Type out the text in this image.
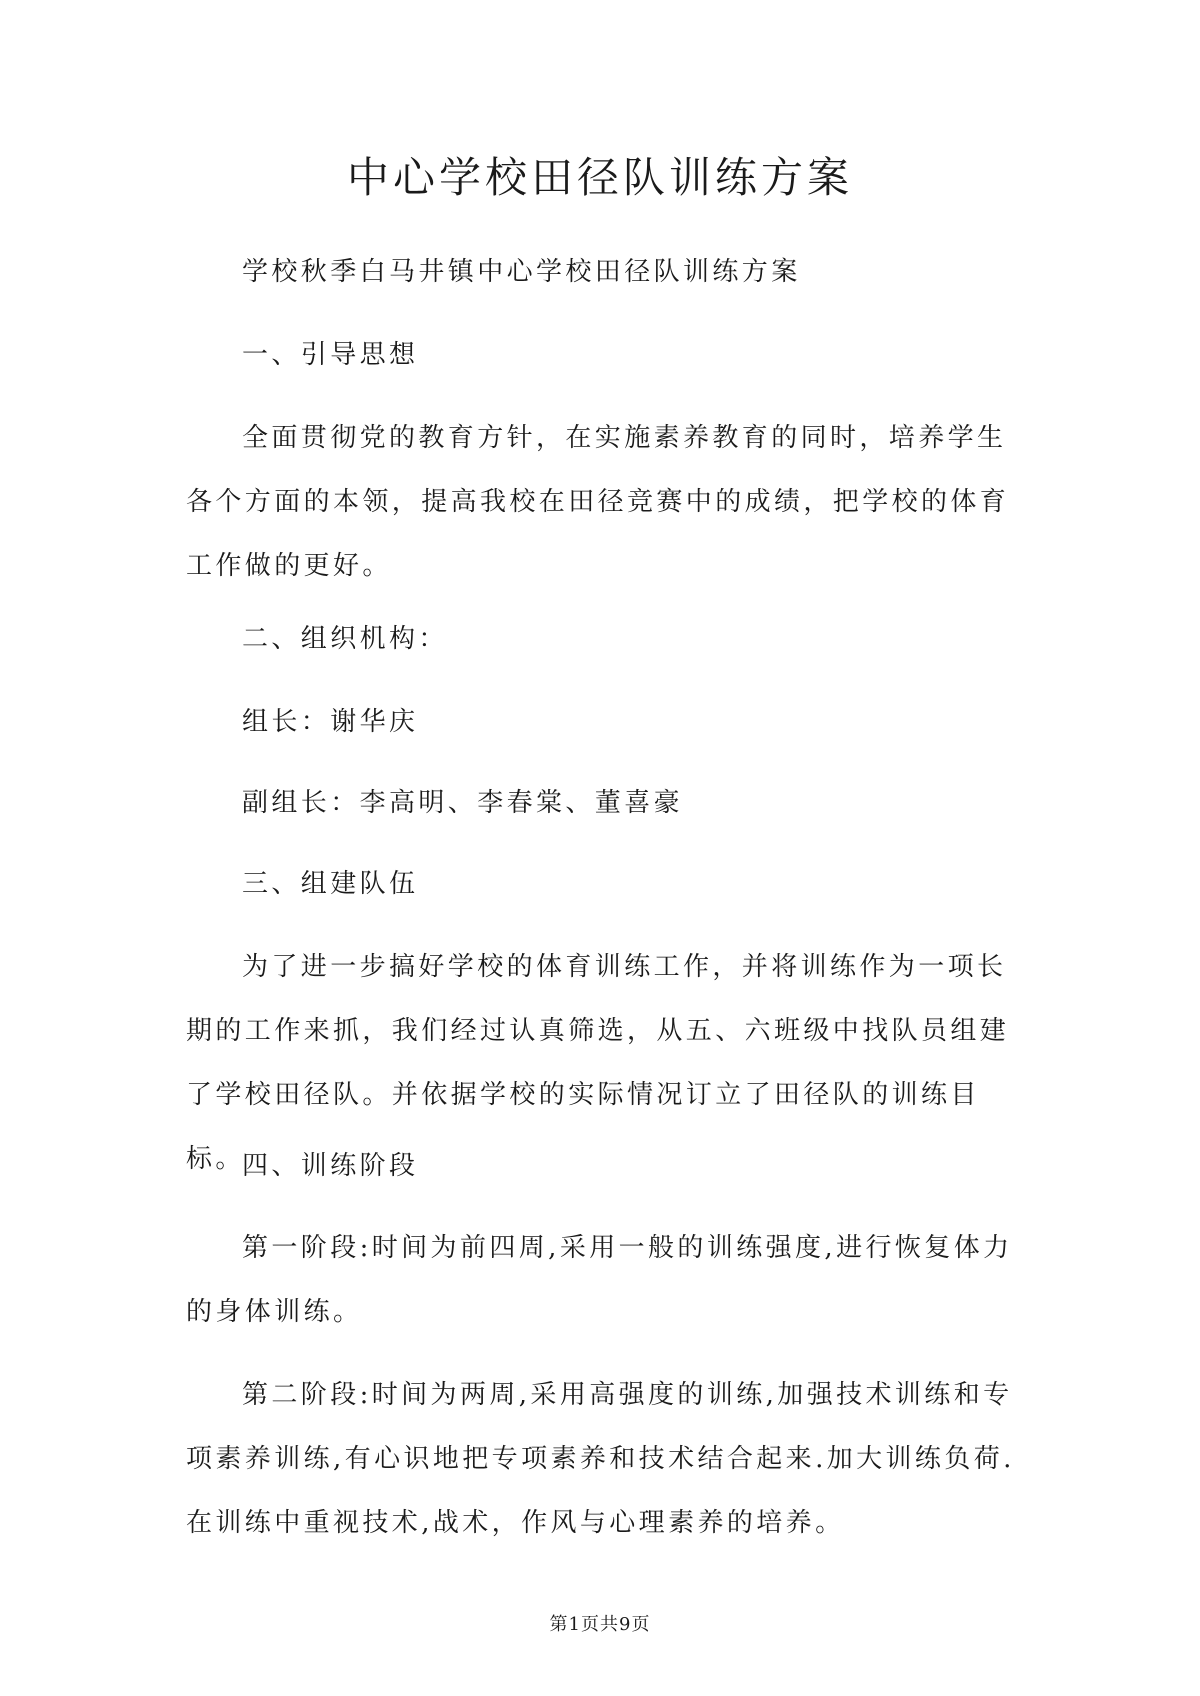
中心学校田径队训练方案

学校秋季白马井镇中心学校田径队训练方案

一、引导思想

全面贯彻党的教育方针，在实施素养教育的同时，培养学生各个方面的本领，提高我校在田径竞赛中的成绩，把学校的体育工作做的更好。

二、组织机构：

组长：谢华庆

副组长：李高明、李春棠、董喜豪

三、组建队伍

为了进一步搞好学校的体育训练工作，并将训练作为一项长期的工作来抓，我们经过认真筛选，从五、六班级中找队员组建了学校田径队。并依据学校的实际情况订立了田径队的训练目标。

四、训练阶段

第一阶段:时间为前四周,采用一般的训练强度,进行恢复体力的身体训练。

第二阶段:时间为两周,采用高强度的训练,加强技术训练和专项素养训练,有心识地把专项素养和技术结合起来.加大训练负荷.在训练中重视技术,战术，作风与心理素养的培养。

第1页共9页
